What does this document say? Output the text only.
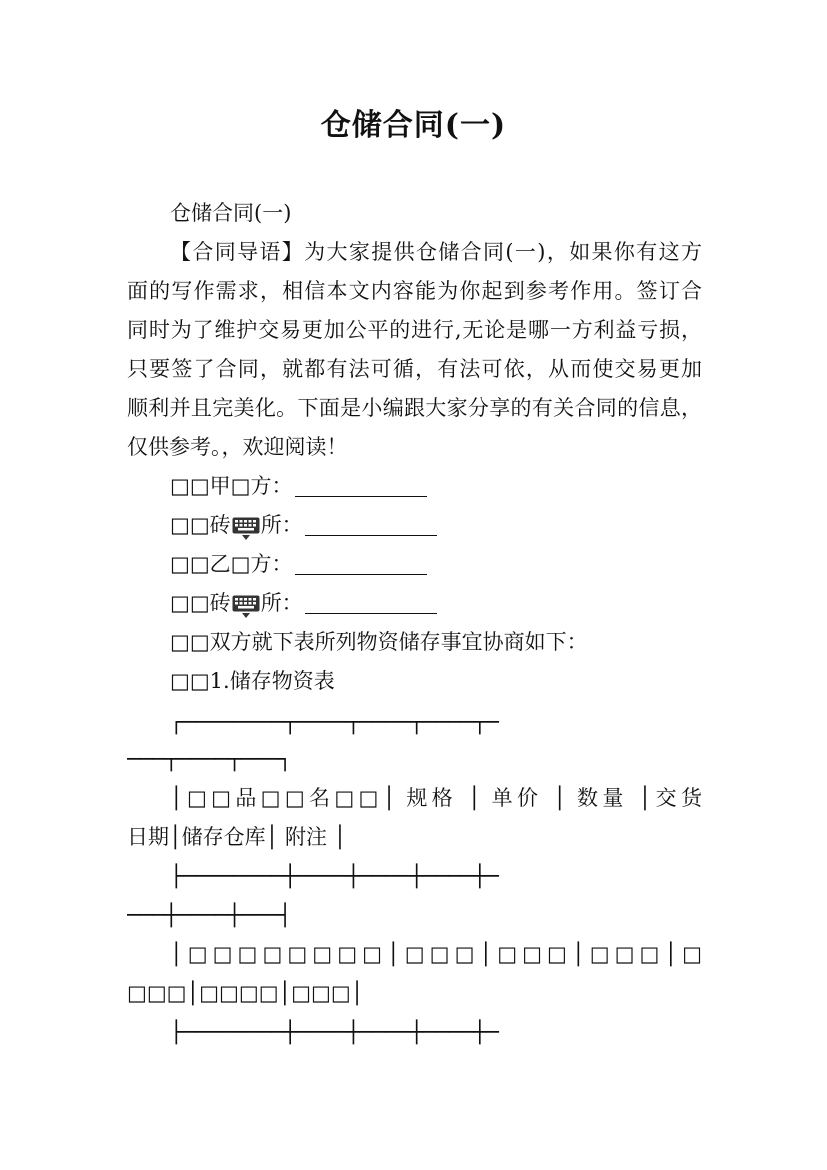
仓储合同(一)
仓储合同(一)
【合同导语】为大家提供仓储合同(一)，如果你有这方
面的写作需求，相信本文内容能为你起到参考作用。签订合
同时为了维护交易更加公平的进行,无论是哪一方利益亏损，
只要签了合同，就都有法可循，有法可依，从而使交易更加
顺利并且完美化。下面是小编跟大家分享的有关合同的信息，
仅供参考。，欢迎阅读！
□□甲□方：
□□砖 所：
□□乙□方：
□□砖 所：
□□双方就下表所列物资储存事宜协商如下：
□□1.储存物资表
┌────────┬────┬────┬────┬─
───┬────┬───┐
│□□品□□名□□│ 规格 │ 单价 │ 数量 │交货
日期│储存仓库│ 附注 │
├────────┼────┼────┼────┼─
───┼────┼───┤
│□□□□□□□□│□□□│□□□│□□□│□
□□□│□□□□│□□□│
├────────┼────┼────┼────┼─
